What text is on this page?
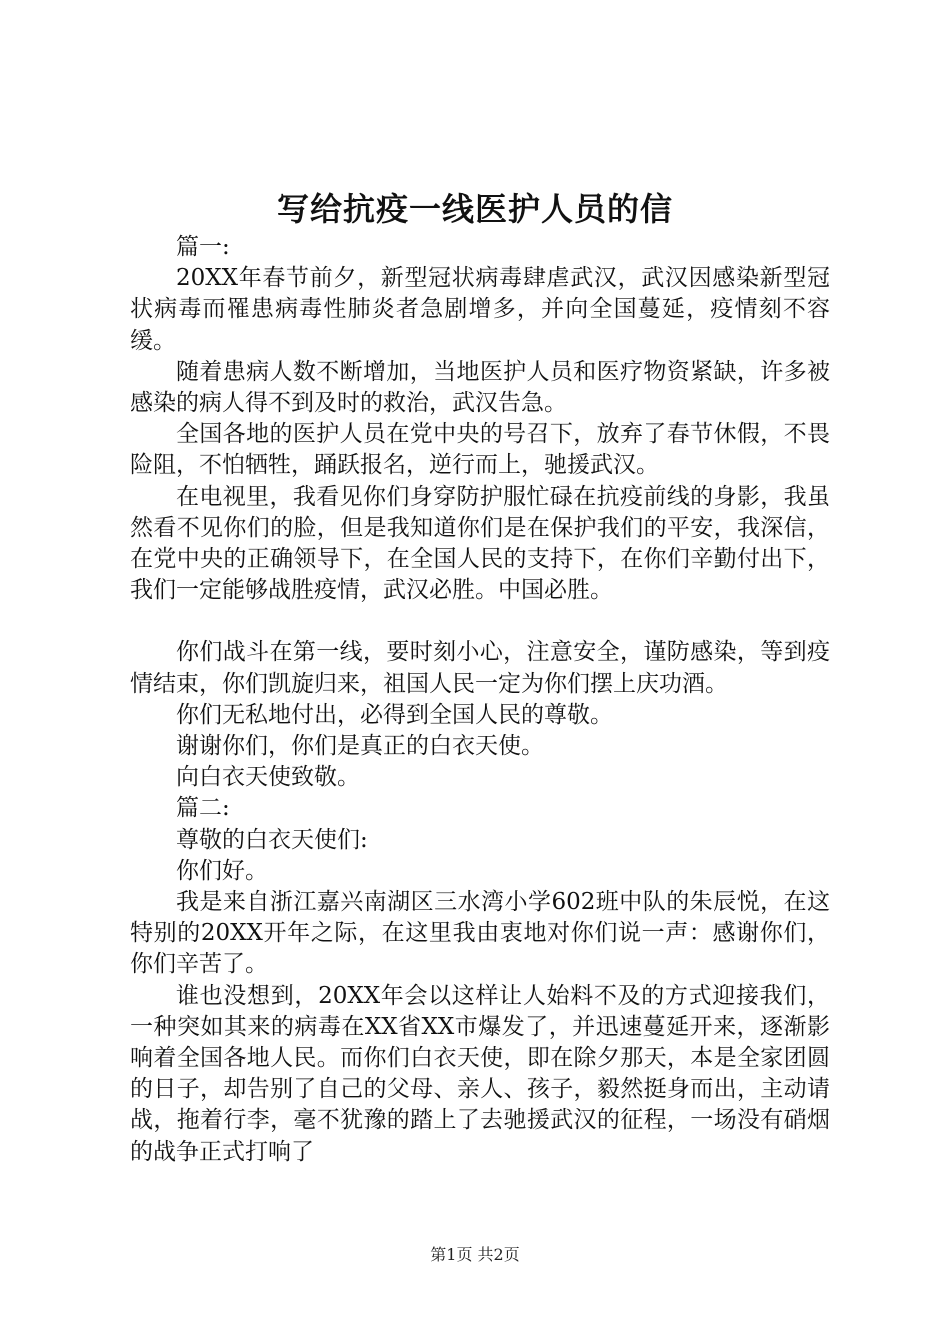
写给抗疫一线医护人员的信

篇一:

20XX年春节前夕，新型冠状病毒肆虐武汉，武汉因感染新型冠状病毒而罹患病毒性肺炎者急剧增多，并向全国蔓延，疫情刻不容缓。

随着患病人数不断增加，当地医护人员和医疗物资紧缺，许多被感染的病人得不到及时的救治，武汉告急。

全国各地的医护人员在党中央的号召下，放弃了春节休假，不畏险阻，不怕牺牲，踊跃报名，逆行而上，驰援武汉。

在电视里，我看见你们身穿防护服忙碌在抗疫前线的身影，我虽然看不见你们的脸，但是我知道你们是在保护我们的平安，我深信，在党中央的正确领导下，在全国人民的支持下，在你们辛勤付出下，我们一定能够战胜疫情，武汉必胜。中国必胜。

你们战斗在第一线，要时刻小心，注意安全，谨防感染，等到疫情结束，你们凯旋归来，祖国人民一定为你们摆上庆功酒。

你们无私地付出，必得到全国人民的尊敬。

谢谢你们，你们是真正的白衣天使。

向白衣天使致敬。

篇二:

尊敬的白衣天使们:

你们好。

我是来自浙江嘉兴南湖区三水湾小学602班中队的朱辰悦，在这特别的20XX开年之际，在这里我由衷地对你们说一声：感谢你们，你们辛苦了。

谁也没想到，20XX年会以这样让人始料不及的方式迎接我们，一种突如其来的病毒在XX省XX市爆发了，并迅速蔓延开来，逐渐影响着全国各地人民。而你们白衣天使，即在除夕那天，本是全家团圆的日子，却告别了自己的父母、亲人、孩子，毅然挺身而出，主动请战，拖着行李，毫不犹豫的踏上了去驰援武汉的征程，一场没有硝烟的战争正式打响了

第1页 共2页
